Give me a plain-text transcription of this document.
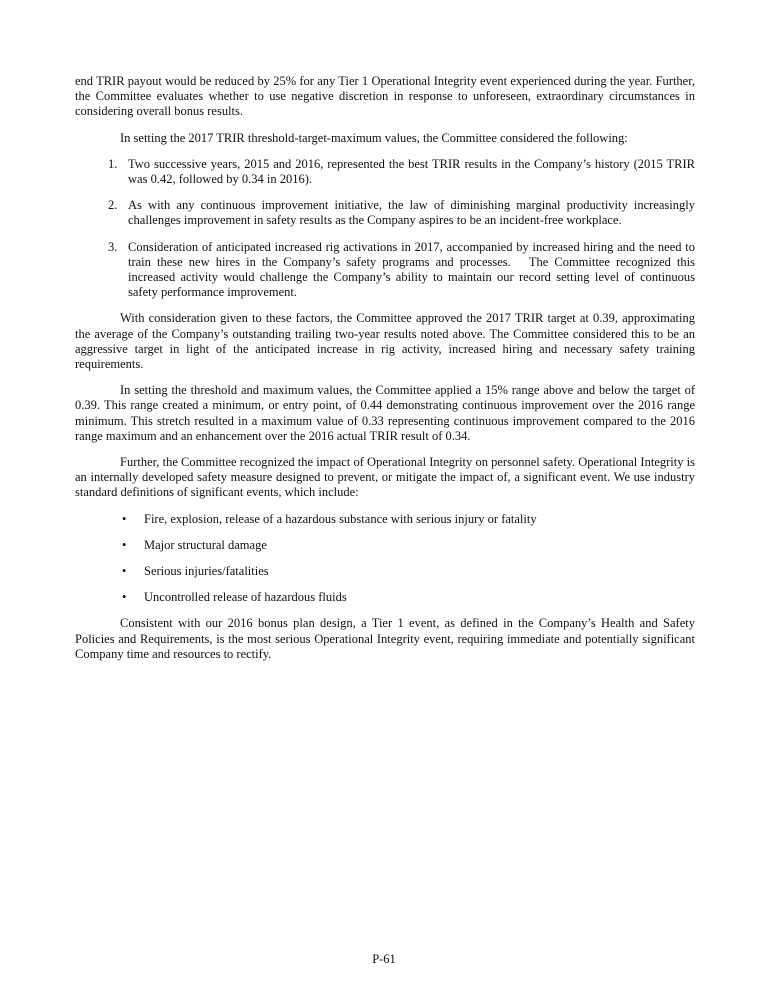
end TRIR payout would be reduced by 25% for any Tier 1 Operational Integrity event experienced during the year. Further, the Committee evaluates whether to use negative discretion in response to unforeseen, extraordinary circumstances in considering overall bonus results.

In setting the 2017 TRIR threshold-target-maximum values, the Committee considered the following:

1. Two successive years, 2015 and 2016, represented the best TRIR results in the Company’s history (2015 TRIR was 0.42, followed by 0.34 in 2016).
2. As with any continuous improvement initiative, the law of diminishing marginal productivity increasingly challenges improvement in safety results as the Company aspires to be an incident-free workplace.
3. Consideration of anticipated increased rig activations in 2017, accompanied by increased hiring and the need to train these new hires in the Company’s safety programs and processes.   The Committee recognized this increased activity would challenge the Company’s ability to maintain our record setting level of continuous safety performance improvement.

With consideration given to these factors, the Committee approved the 2017 TRIR target at 0.39, approximating the average of the Company’s outstanding trailing two-year results noted above. The Committee considered this to be an aggressive target in light of the anticipated increase in rig activity, increased hiring and necessary safety training requirements.

In setting the threshold and maximum values, the Committee applied a 15% range above and below the target of 0.39. This range created a minimum, or entry point, of 0.44 demonstrating continuous improvement over the 2016 range minimum. This stretch resulted in a maximum value of 0.33 representing continuous improvement compared to the 2016 range maximum and an enhancement over the 2016 actual TRIR result of 0.34.

Further, the Committee recognized the impact of Operational Integrity on personnel safety. Operational Integrity is an internally developed safety measure designed to prevent, or mitigate the impact of, a significant event. We use industry standard definitions of significant events, which include:

• Fire, explosion, release of a hazardous substance with serious injury or fatality
• Major structural damage
• Serious injuries/fatalities
• Uncontrolled release of hazardous fluids

Consistent with our 2016 bonus plan design, a Tier 1 event, as defined in the Company’s Health and Safety Policies and Requirements, is the most serious Operational Integrity event, requiring immediate and potentially significant Company time and resources to rectify.

P-61
